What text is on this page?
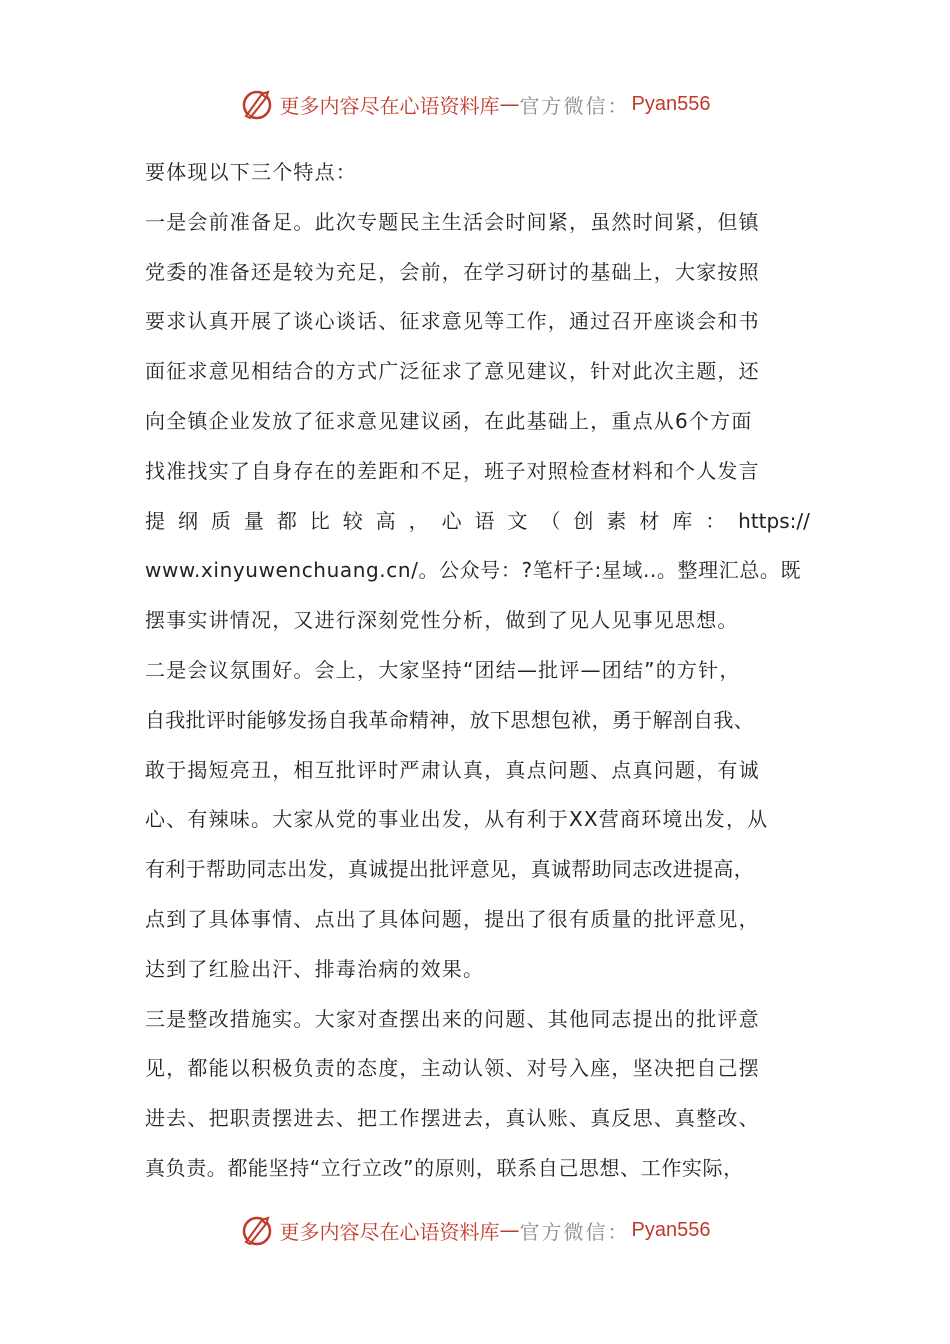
更多内容尽在心语资料库 — 官方微信： Pyan556
要体现以下三个特点：
一是会前准备足。此次专题民主生活会时间紧，虽然时间紧，但镇
党委的准备还是较为充足，会前，在学习研讨的基础上，大家按照
要求认真开展了谈心谈话、征求意见等工作，通过召开座谈会和书
面征求意见相结合的方式广泛征求了意见建议，针对此次主题，还
向全镇企业发放了征求意见建议函，在此基础上，重点从6个方面
找准找实了自身存在的差距和不足，班子对照检查材料和个人发言
提 纲 质 量 都 比 较 高 ， 心 语 文 （ 创 素 材 库 ： https://
www.xinyuwenchuang.cn/。公众号：?笔杆子:星域..。整理汇总。既
摆事实讲情况，又进行深刻党性分析，做到了见人见事见思想。
二是会议氛围好。会上，大家坚持“团结—批评—团结”的方针，
自我批评时能够发扬自我革命精神，放下思想包袱，勇于解剖自我、
敢于揭短亮丑，相互批评时严肃认真，真点问题、点真问题，有诚
心、有辣味。大家从党的事业出发，从有利于XX营商环境出发，从
有利于帮助同志出发，真诚提出批评意见，真诚帮助同志改进提高，
点到了具体事情、点出了具体问题，提出了很有质量的批评意见，
达到了红脸出汗、排毒治病的效果。
三是整改措施实。大家对查摆出来的问题、其他同志提出的批评意
见，都能以积极负责的态度，主动认领、对号入座，坚决把自己摆
进去、把职责摆进去、把工作摆进去，真认账、真反思、真整改、
真负责。都能坚持“立行立改”的原则，联系自己思想、工作实际，
更多内容尽在心语资料库 — 官方微信： Pyan556
